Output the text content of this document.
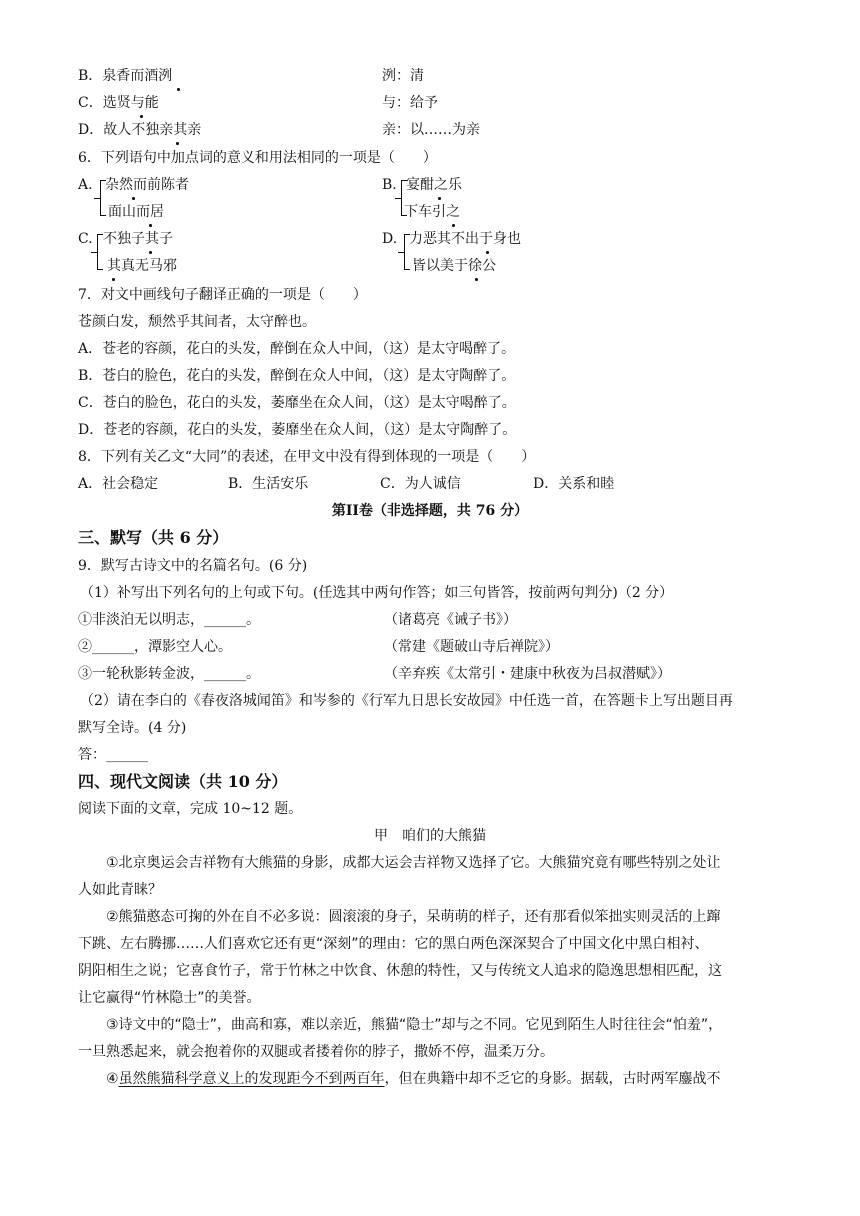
B．泉香而酒洌	洌：清
C．选贤与能	与：给予
D．故人不独亲其亲	亲：以……为亲
6．下列语句中加点词的意义和用法相同的一项是（　　）
A. 杂然而前陈者
面山而居
B. 宴酣之乐
下车引之
C. 不独子其子
其真无马邪
D. 力恶其不出于身也
皆以美于徐公
7．对文中画线句子翻译正确的一项是（　　）
苍颜白发，颓然乎其间者，太守醉也。
A．苍老的容颜，花白的头发，醉倒在众人中间，（这）是太守喝醉了。
B．苍白的脸色，花白的头发，醉倒在众人中间，（这）是太守陶醉了。
C．苍白的脸色，花白的头发，萎靡坐在众人间，（这）是太守喝醉了。
D．苍老的容颜，花白的头发，萎靡坐在众人间，（这）是太守陶醉了。
8．下列有关乙文“大同”的表述，在甲文中没有得到体现的一项是（　　）
A．社会稳定	B．生活安乐	C．为人诚信	D．关系和睦
第II卷（非选择题，共 76 分）
三、默写（共 6 分）
9．默写古诗文中的名篇名句。(6 分)
（1）补写出下列名句的上句或下句。(任选其中两句作答；如三句皆答，按前两句判分)（2 分）
①非淡泊无以明志，______。	（诸葛亮《诫子书》）
②______，潭影空人心。	（常建《题破山寺后禅院》）
③一轮秋影转金波，______。	（辛弃疾《太常引・建康中秋夜为吕叔潜赋》）
（2）请在李白的《春夜洛城闻笛》和岑参的《行军九日思长安故园》中任选一首，在答题卡上写出题目再
默写全诗。(4 分)
答：______
四、现代文阅读（共 10 分）
阅读下面的文章，完成 10~12 题。
甲　咱们的大熊猫
①北京奥运会吉祥物有大熊猫的身影，成都大运会吉祥物又选择了它。大熊猫究竟有哪些特别之处让
人如此青睐？
②熊猫憨态可掬的外在自不必多说：圆滚滚的身子，呆萌萌的样子，还有那看似笨拙实则灵活的上蹿
下跳、左右腾挪……人们喜欢它还有更“深刻”的理由：它的黑白两色深深契合了中国文化中黑白相衬、
阴阳相生之说；它喜食竹子，常于竹林之中饮食、休憩的特性，又与传统文人追求的隐逸思想相匹配，这
让它赢得“竹林隐士”的美誉。
③诗文中的“隐士”，曲高和寡，难以亲近，熊猫“隐士”却与之不同。它见到陌生人时往往会“怕羞”，
一旦熟悉起来，就会抱着你的双腿或者搂着你的脖子，撒娇不停，温柔万分。
④虽然熊猫科学意义上的发现距今不到两百年，但在典籍中却不乏它的身影。据载，古时两军鏖战不
